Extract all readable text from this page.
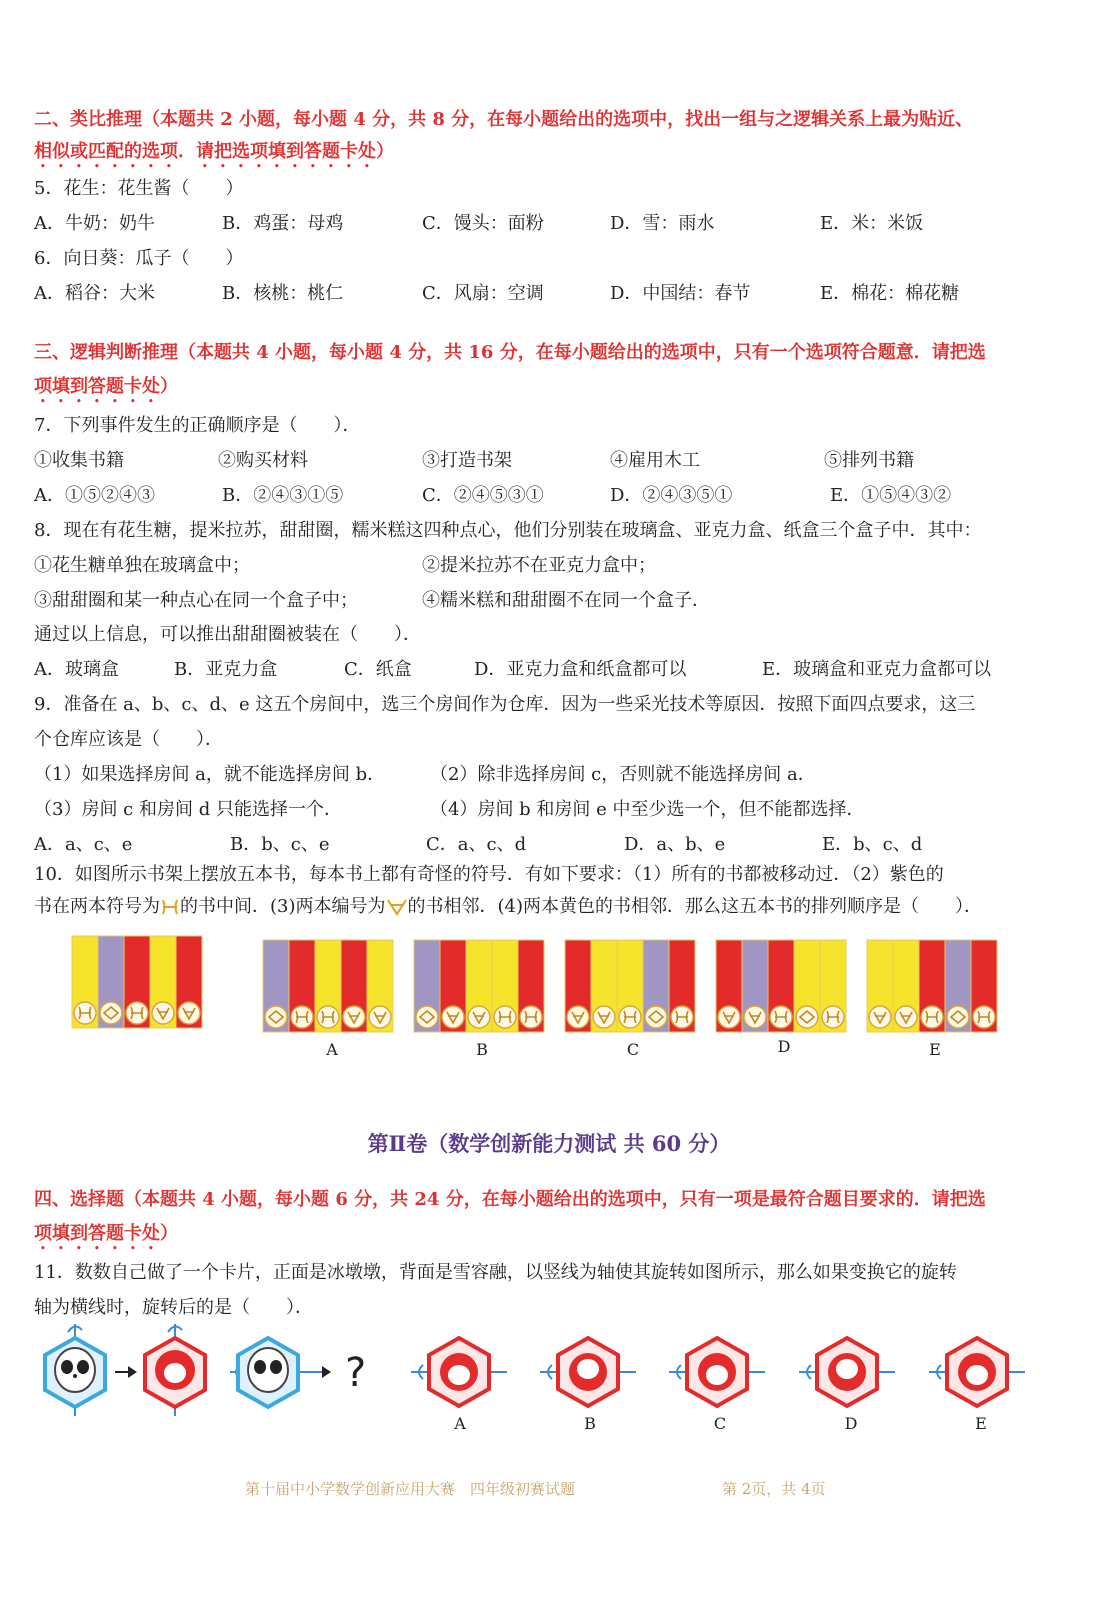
二、类比推理（本题共 2 小题，每小题 4 分，共 8 分，在每小题给出的选项中，找出一组与之逻辑关系上最为贴近、
相似或匹配的选项．请把选项填到答题卡处）
5．花生：花生酱（　　）
A．牛奶：奶牛	B．鸡蛋：母鸡	C．馒头：面粉	D．雪：雨水	E．米：米饭
6．向日葵：瓜子（　　）
A．稻谷：大米	B．核桃：桃仁	C．风扇：空调	D．中国结：春节	E．棉花：棉花糖
三、逻辑判断推理（本题共 4 小题，每小题 4 分，共 16 分，在每小题给出的选项中，只有一个选项符合题意．请把选
项填到答题卡处）
7．下列事件发生的正确顺序是（　　）．
①收集书籍	②购买材料	③打造书架	④雇用木工	⑤排列书籍
A．①⑤②④③	B．②④③①⑤	C．②④⑤③①	D．②④③⑤①	E．①⑤④③②
8．现在有花生糖，提米拉苏，甜甜圈，糯米糕这四种点心，他们分别装在玻璃盒、亚克力盒、纸盒三个盒子中．其中：
①花生糖单独在玻璃盒中；	②提米拉苏不在亚克力盒中；
③甜甜圈和某一种点心在同一个盒子中；	④糯米糕和甜甜圈不在同一个盒子．
通过以上信息，可以推出甜甜圈被装在（　　）．
A．玻璃盒	B．亚克力盒	C．纸盒	D．亚克力盒和纸盒都可以	E．玻璃盒和亚克力盒都可以
9．准备在 a、b、c、d、e 这五个房间中，选三个房间作为仓库．因为一些采光技术等原因．按照下面四点要求，这三
个仓库应该是（　　）．
（1）如果选择房间 a，就不能选择房间 b． （2）除非选择房间 c，否则就不能选择房间 a．
（3）房间 c 和房间 d 只能选择一个．	（4）房间 b 和房间 e 中至少选一个，但不能都选择．
A．a、c、e	B．b、c、e	C．a、c、d	D．a、b、e	E．b、c、d
10．如图所示书架上摆放五本书，每本书上都有奇怪的符号．有如下要求：（1）所有的书都被移动过．（2）紫色的
书在两本符号为 的书中间．(3)两本编号为 的书相邻．(4)两本黄色的书相邻．那么这五本书的排列顺序是（　　）．
A	B	C	D	E
第Ⅱ卷（数学创新能力测试 共 60 分）
四、选择题（本题共 4 小题，每小题 6 分，共 24 分，在每小题给出的选项中，只有一项是最符合题目要求的．请把选
项填到答题卡处）
11．数数自己做了一个卡片，正面是冰墩墩，背面是雪容融，以竖线为轴使其旋转如图所示，那么如果变换它的旋转
轴为横线时，旋转后的是（　　）．
?
A	B	C	D	E
第十届中小学数学创新应用大赛　四年级初赛试题	第 2页，共 4页
